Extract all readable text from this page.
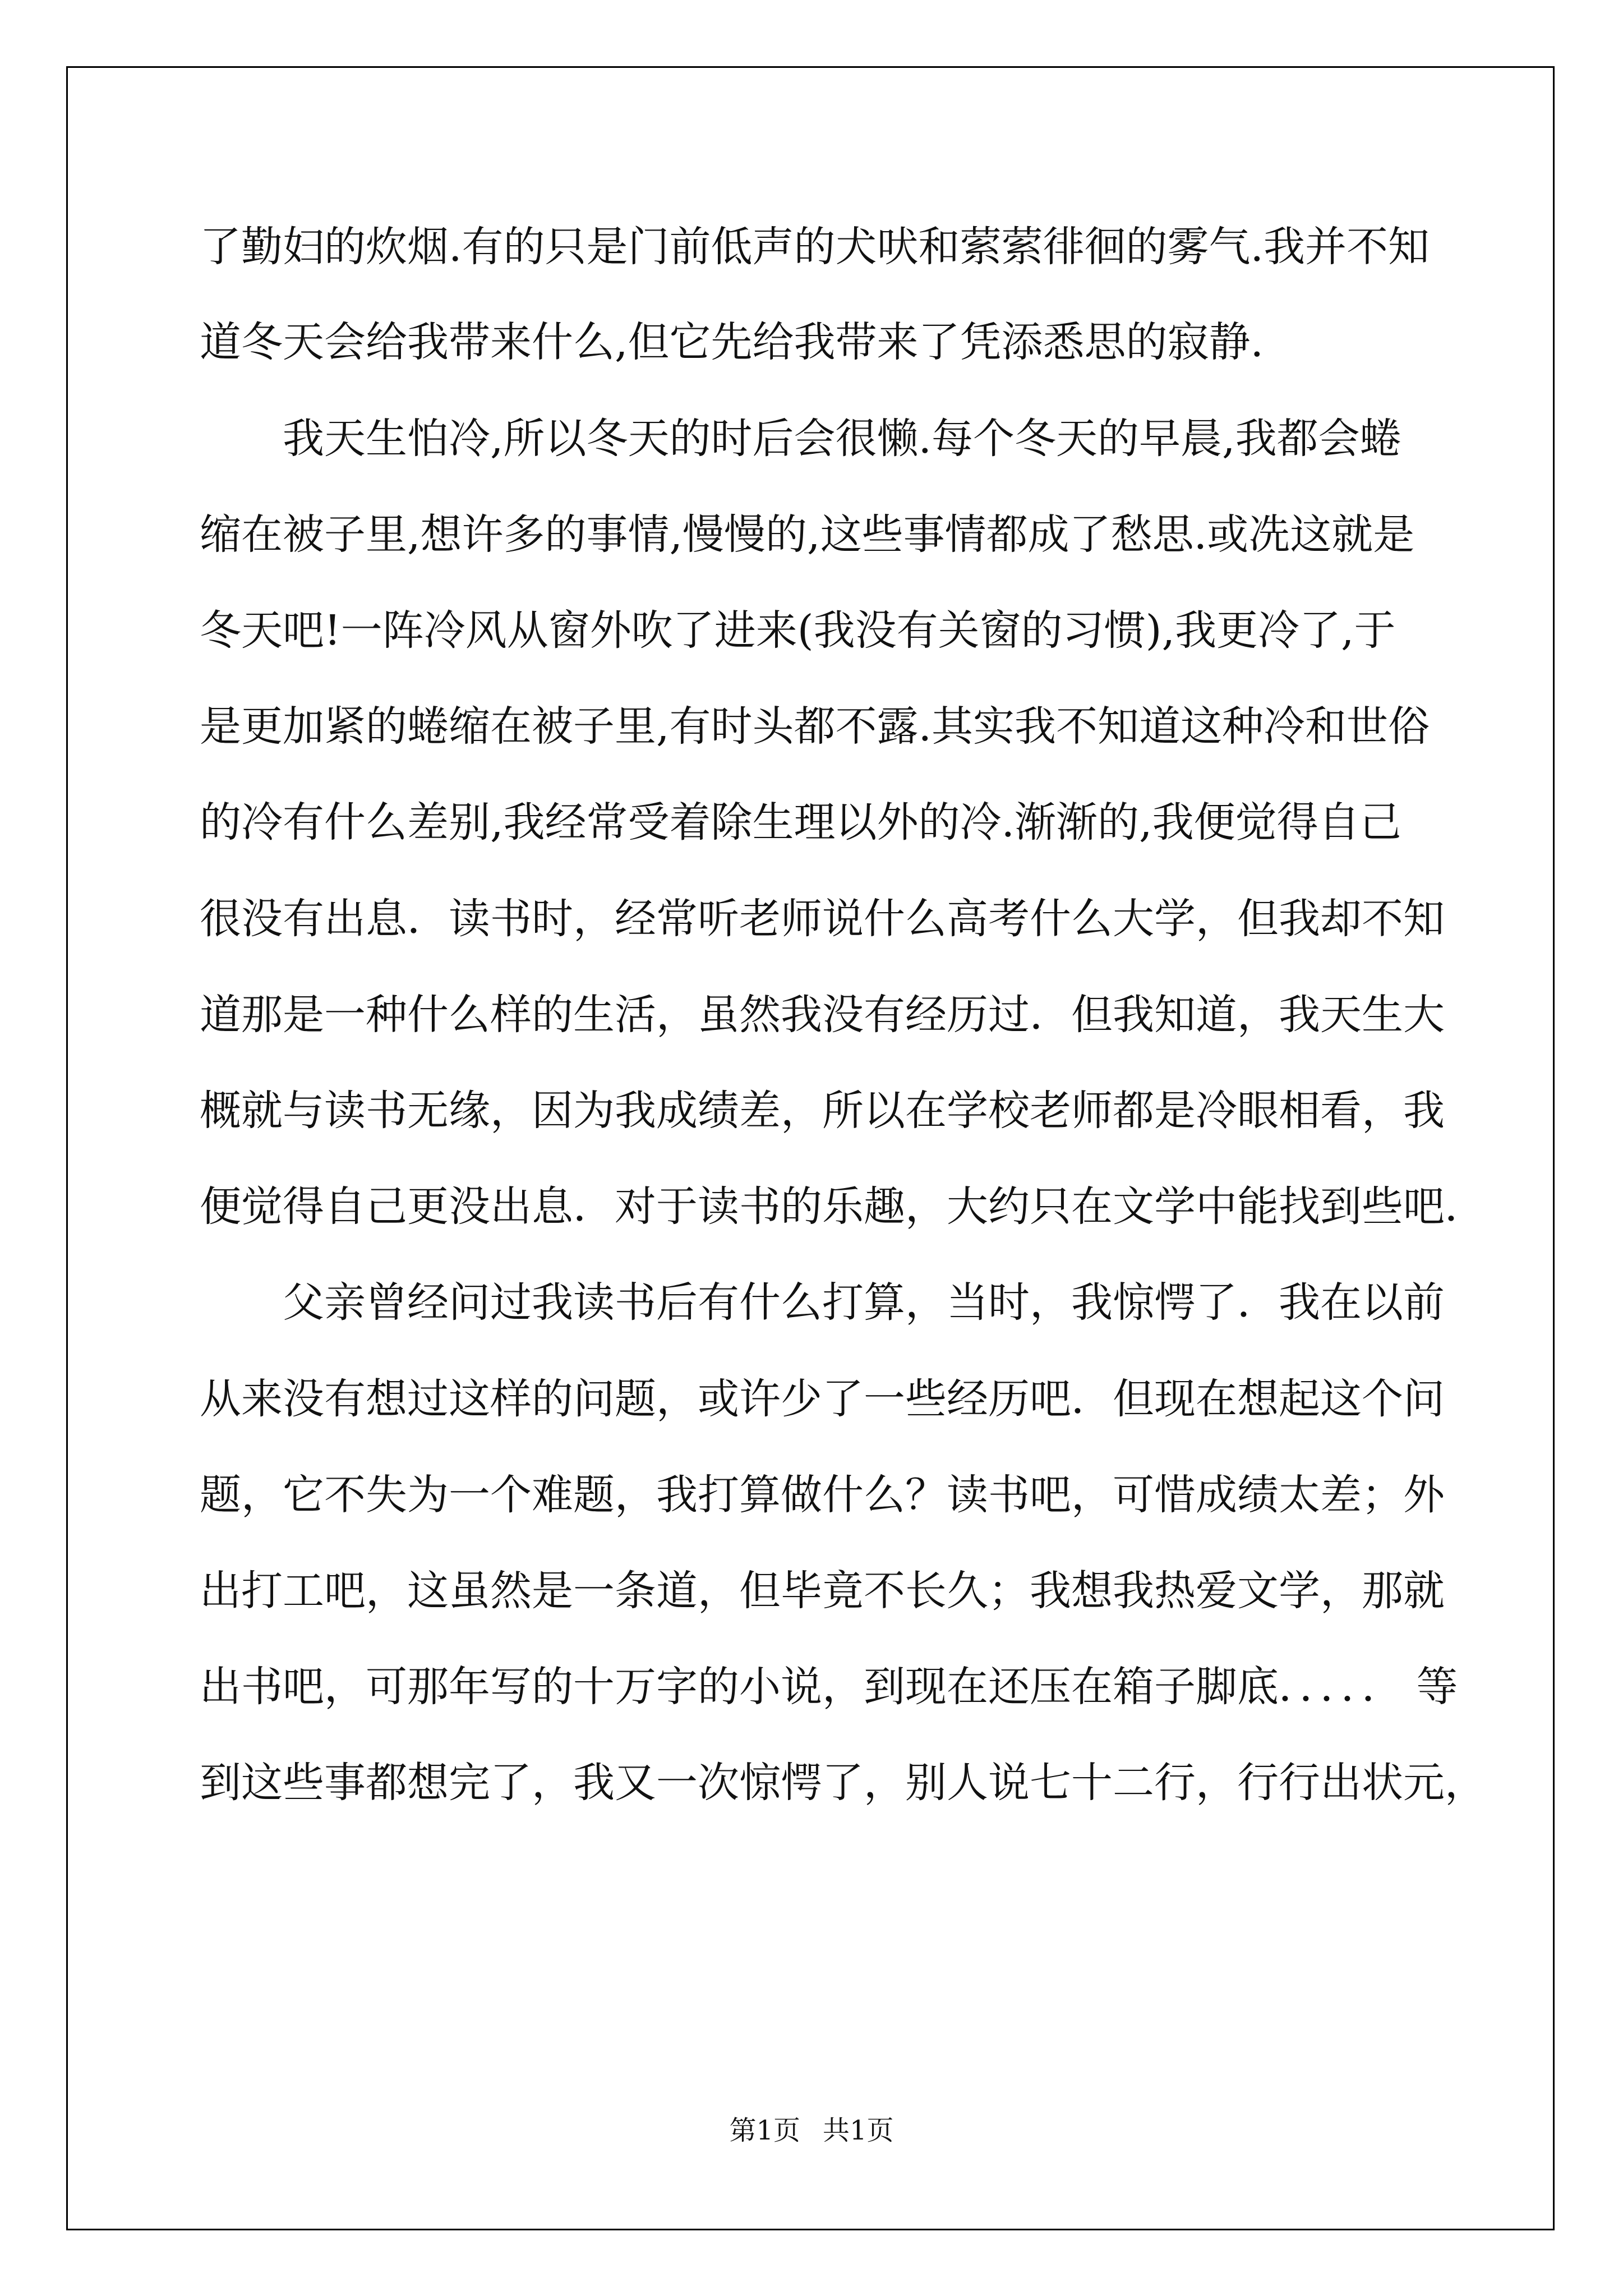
了勤妇的炊烟.有的只是门前低声的犬吠和萦萦徘徊的雾气.我并不知
道冬天会给我带来什么,但它先给我带来了凭添悉思的寂静.
我天生怕冷,所以冬天的时后会很懒.每个冬天的早晨,我都会蜷
缩在被子里,想许多的事情,慢慢的,这些事情都成了愁思.或冼这就是
冬天吧!一阵冷风从窗外吹了进来(我没有关窗的习惯),我更冷了,于
是更加紧的蜷缩在被子里,有时头都不露.其实我不知道这种冷和世俗
的冷有什么差别,我经常受着除生理以外的冷.渐渐的,我便觉得自己
很没有出息．读书时，经常听老师说什么高考什么大学，但我却不知
道那是一种什么样的生活，虽然我没有经历过．但我知道，我天生大
概就与读书无缘，因为我成绩差，所以在学校老师都是冷眼相看，我
便觉得自己更没出息．对于读书的乐趣，大约只在文学中能找到些吧．
父亲曾经问过我读书后有什么打算，当时，我惊愕了．我在以前
从来没有想过这样的问题，或许少了一些经历吧．但现在想起这个问
题，它不失为一个难题，我打算做什么？读书吧，可惜成绩太差；外
出打工吧，这虽然是一条道，但毕竟不长久；我想我热爱文学，那就
出书吧，可那年写的十万字的小说，到现在还压在箱子脚底．．．．． 等
到这些事都想完了，我又一次惊愕了，别人说七十二行，行行出状元，
第1页 共1页
